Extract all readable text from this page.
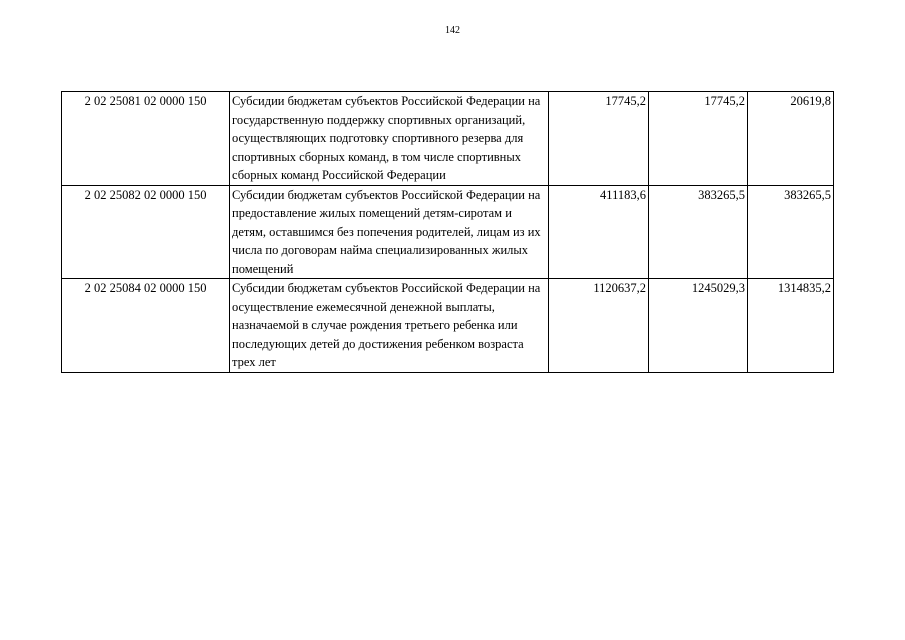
142
2 02 25081 02 0000 150	Субсидии бюджетам субъектов Российской Федерации на государственную поддержку спортивных организаций, осуществляющих подготовку спортивного резерва для спортивных сборных команд, в том числе спортивных сборных команд Российской Федерации	17745,2	17745,2	20619,8
2 02 25082 02 0000 150	Субсидии бюджетам субъектов Российской Федерации на предоставление жилых помещений детям-сиротам и детям, оставшимся без попечения родителей, лицам из их числа по договорам найма специализированных жилых помещений	411183,6	383265,5	383265,5
2 02 25084 02 0000 150	Субсидии бюджетам субъектов Российской Федерации на осуществление ежемесячной денежной выплаты, назначаемой в случае рождения третьего ребенка или последующих детей до достижения ребенком возраста трех лет	1120637,2	1245029,3	1314835,2
